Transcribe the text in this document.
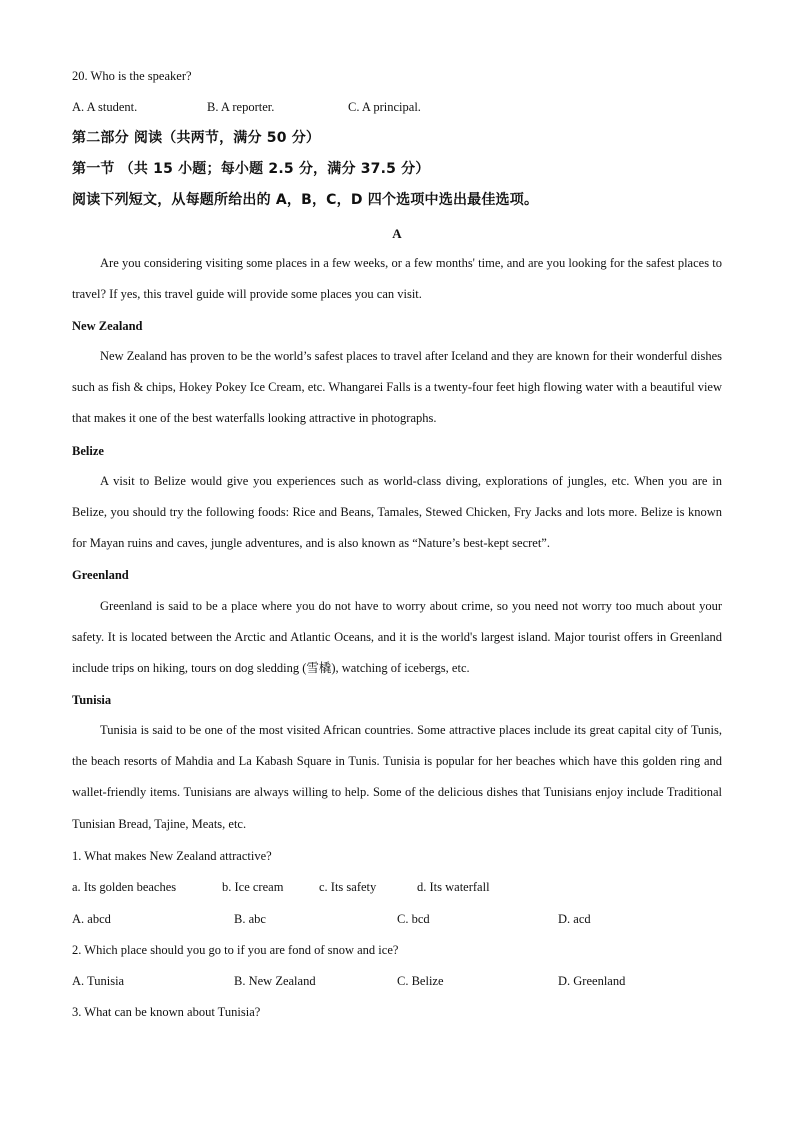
20. Who is the speaker?
A. A student.	B. A reporter.	C. A principal.
第二部分 阅读（共两节，满分 50 分）
第一节 （共 15 小题；每小题 2.5 分，满分 37.5 分）
阅读下列短文，从每题所给出的 A，B，C，D 四个选项中选出最佳选项。
A
Are you considering visiting some places in a few weeks, or a few months' time, and are you looking for the safest places to travel? If yes, this travel guide will provide some places you can visit.
New Zealand
New Zealand has proven to be the world’s safest places to travel after Iceland and they are known for their wonderful dishes such as fish & chips, Hokey Pokey Ice Cream, etc. Whangarei Falls is a twenty-four feet high flowing water with a beautiful view that makes it one of the best waterfalls looking attractive in photographs.
Belize
A visit to Belize would give you experiences such as world-class diving, explorations of jungles, etc. When you are in Belize, you should try the following foods: Rice and Beans, Tamales, Stewed Chicken, Fry Jacks and lots more. Belize is known for Mayan ruins and caves, jungle adventures, and is also known as “Nature’s best-kept secret”.
Greenland
Greenland is said to be a place where you do not have to worry about crime, so you need not worry too much about your safety. It is located between the Arctic and Atlantic Oceans, and it is the world's largest island. Major tourist offers in Greenland include trips on hiking, tours on dog sledding (雪橇), watching of icebergs, etc.
Tunisia
Tunisia is said to be one of the most visited African countries. Some attractive places include its great capital city of Tunis, the beach resorts of Mahdia and La Kabash Square in Tunis. Tunisia is popular for her beaches which have this golden ring and wallet-friendly items. Tunisians are always willing to help. Some of the delicious dishes that Tunisians enjoy include Traditional Tunisian Bread, Tajine, Meats, etc.
1. What makes New Zealand attractive?
a. Its golden beaches	b. Ice cream	c. Its safety	d. Its waterfall
A. abcd	B. abc	C. bcd	D. acd
2. Which place should you go to if you are fond of snow and ice?
A. Tunisia	B. New Zealand	C. Belize	D. Greenland
3. What can be known about Tunisia?
